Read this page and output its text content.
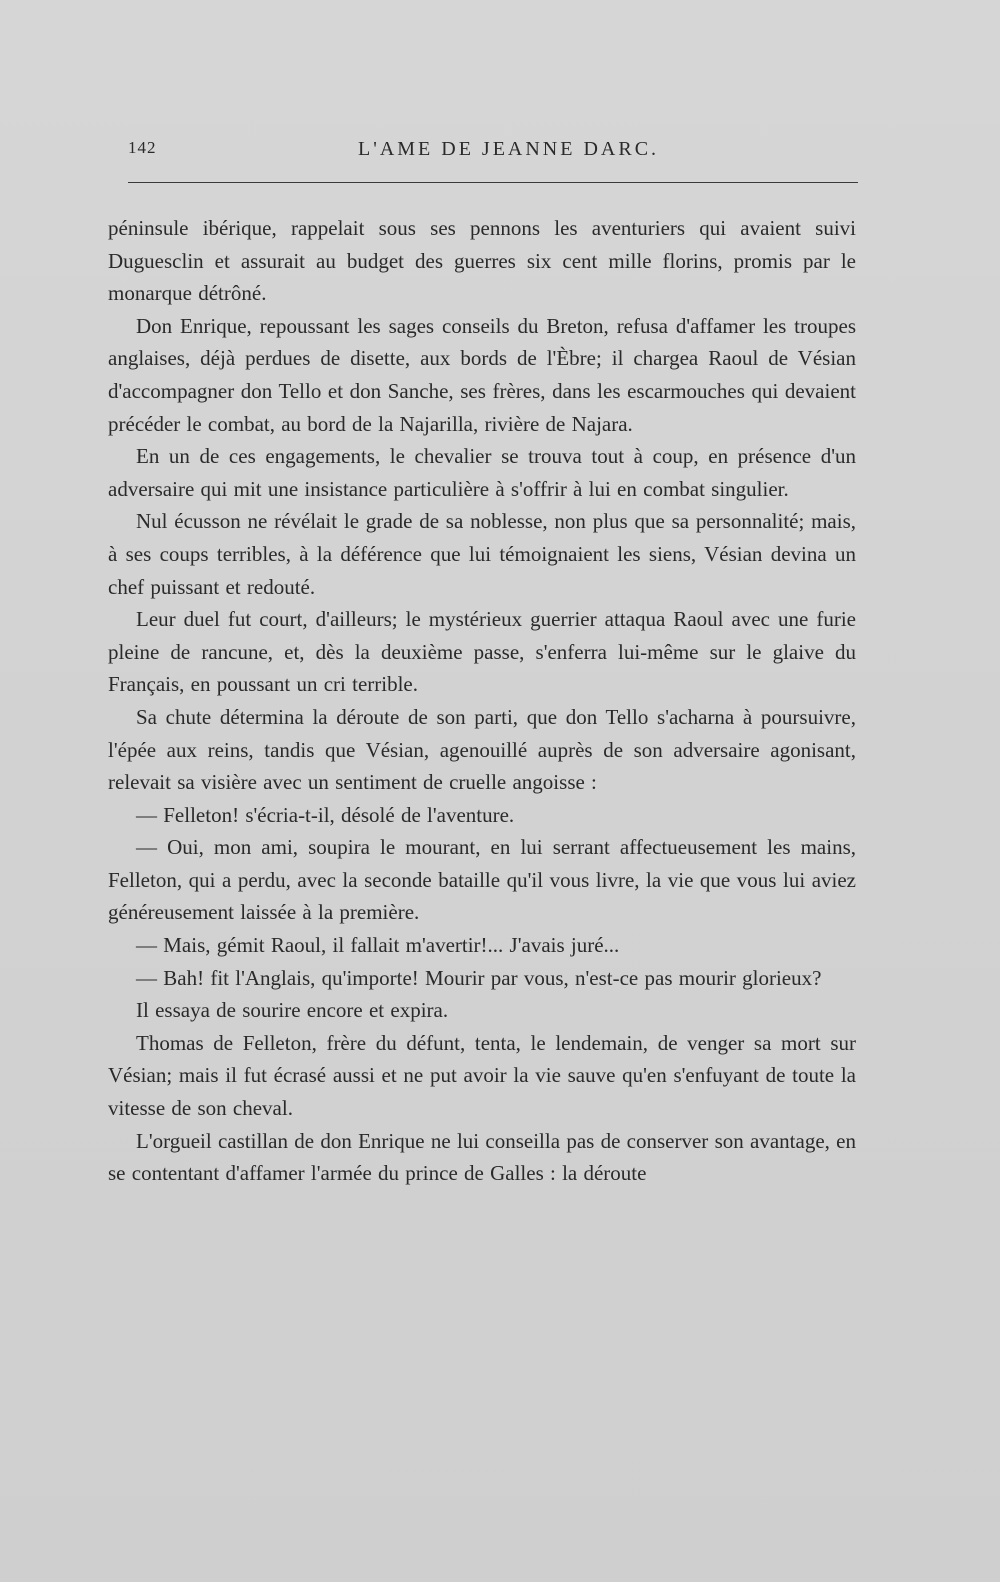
142	L'AME DE JEANNE DARC.

péninsule ibérique, rappelait sous ses pennons les aventuriers qui avaient suivi Duguesclin et assurait au budget des guerres six cent mille florins, promis par le monarque détrôné.

Don Enrique, repoussant les sages conseils du Breton, refusa d'affamer les troupes anglaises, déjà perdues de disette, aux bords de l'Èbre; il chargea Raoul de Vésian d'accompagner don Tello et don Sanche, ses frères, dans les escarmouches qui devaient précéder le combat, au bord de la Najarilla, rivière de Najara.

En un de ces engagements, le chevalier se trouva tout à coup, en présence d'un adversaire qui mit une insistance particulière à s'offrir à lui en combat singulier.

Nul écusson ne révélait le grade de sa noblesse, non plus que sa personnalité; mais, à ses coups terribles, à la déférence que lui témoignaient les siens, Vésian devina un chef puissant et redouté.

Leur duel fut court, d'ailleurs; le mystérieux guerrier attaqua Raoul avec une furie pleine de rancune, et, dès la deuxième passe, s'enferra lui-même sur le glaive du Français, en poussant un cri terrible.

Sa chute détermina la déroute de son parti, que don Tello s'acharna à poursuivre, l'épée aux reins, tandis que Vésian, agenouillé auprès de son adversaire agonisant, relevait sa visière avec un sentiment de cruelle angoisse :

— Felleton! s'écria-t-il, désolé de l'aventure.

— Oui, mon ami, soupira le mourant, en lui serrant affectueusement les mains, Felleton, qui a perdu, avec la seconde bataille qu'il vous livre, la vie que vous lui aviez généreusement laissée à la première.

— Mais, gémit Raoul, il fallait m'avertir!... J'avais juré...

— Bah! fit l'Anglais, qu'importe! Mourir par vous, n'est-ce pas mourir glorieux?

Il essaya de sourire encore et expira.

Thomas de Felleton, frère du défunt, tenta, le lendemain, de venger sa mort sur Vésian; mais il fut écrasé aussi et ne put avoir la vie sauve qu'en s'enfuyant de toute la vitesse de son cheval.

L'orgueil castillan de don Enrique ne lui conseilla pas de conserver son avantage, en se contentant d'affamer l'armée du prince de Galles : la déroute
